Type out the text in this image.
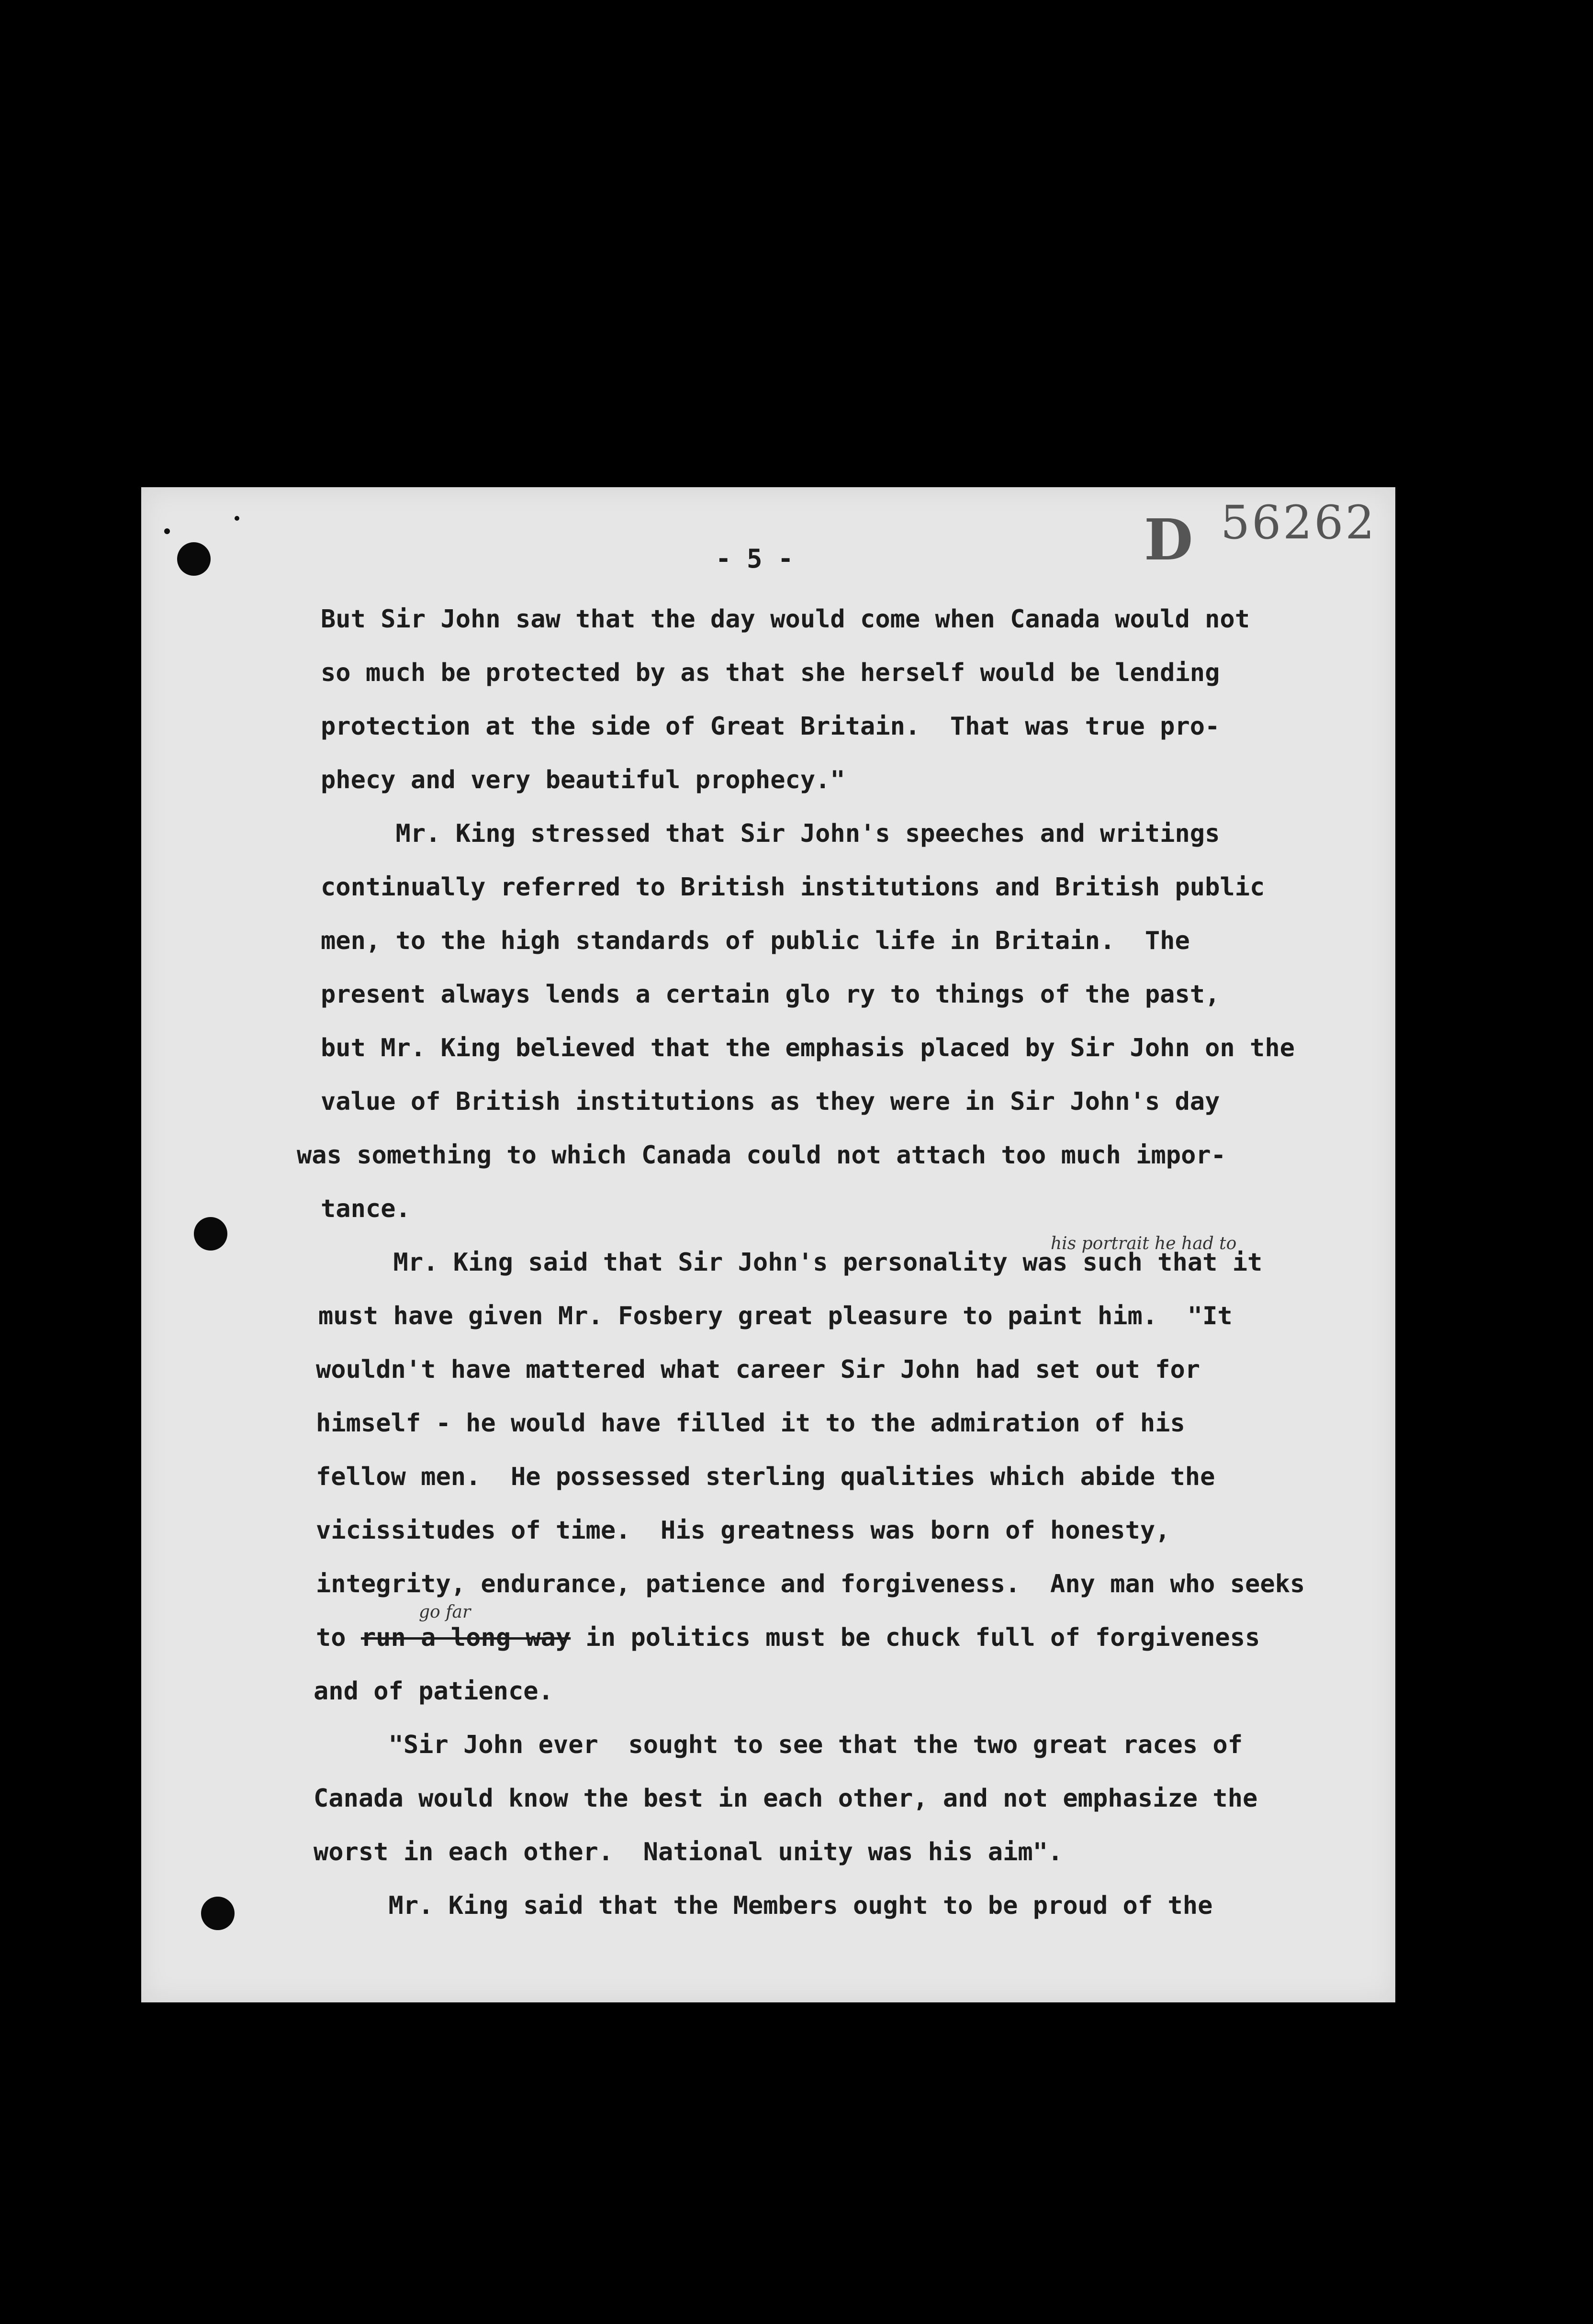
D 56262
- 5 -
But Sir John saw that the day would come when Canada would not
so much be protected by as that she herself would be lending
protection at the side of Great Britain.  That was true pro-
phecy and very beautiful prophecy."
Mr. King stressed that Sir John's speeches and writings
continually referred to British institutions and British public
men, to the high standards of public life in Britain.  The
present always lends a certain glo ry to things of the past,
but Mr. King believed that the emphasis placed by Sir John on the
value of British institutions as they were in Sir John's day
was something to which Canada could not attach too much impor-
tance.
his portrait he had to
Mr. King said that Sir John's personality was such that it
must have given Mr. Fosbery great pleasure to paint him.  "It
wouldn't have mattered what career Sir John had set out for
himself - he would have filled it to the admiration of his
fellow men.  He possessed sterling qualities which abide the
vicissitudes of time.  His greatness was born of honesty,
integrity, endurance, patience and forgiveness.  Any man who seeks
go far
to run a long way in politics must be chuck full of forgiveness
and of patience.
"Sir John ever  sought to see that the two great races of
Canada would know the best in each other, and not emphasize the
worst in each other.  National unity was his aim".
Mr. King said that the Members ought to be proud of the
